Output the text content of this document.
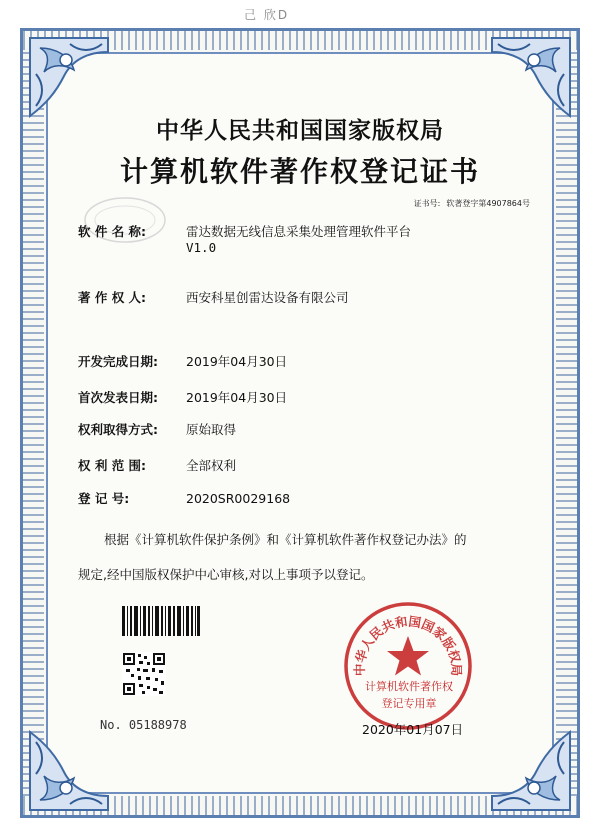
己 欣D
中华人民共和国国家版权局
计算机软件著作权登记证书
证书号: 软著登字第4907864号
软 件 名 称:	雷达数据无线信息采集处理管理软件平台
V1.0
著 作 权 人:	西安科星创雷达设备有限公司
开发完成日期: 2019年04月30日
首次发表日期: 2019年04月30日
权利取得方式: 原始取得
权 利 范 围:	全部权利
登 记 号:	2020SR0029168
根据《计算机软件保护条例》和《计算机软件著作权登记办法》的
规定,经中国版权保护中心审核,对以上事项予以登记。
No. 05188978
中华人民共和国国家版权局
计算机软件著作权
登记专用章
2020年01月07日
